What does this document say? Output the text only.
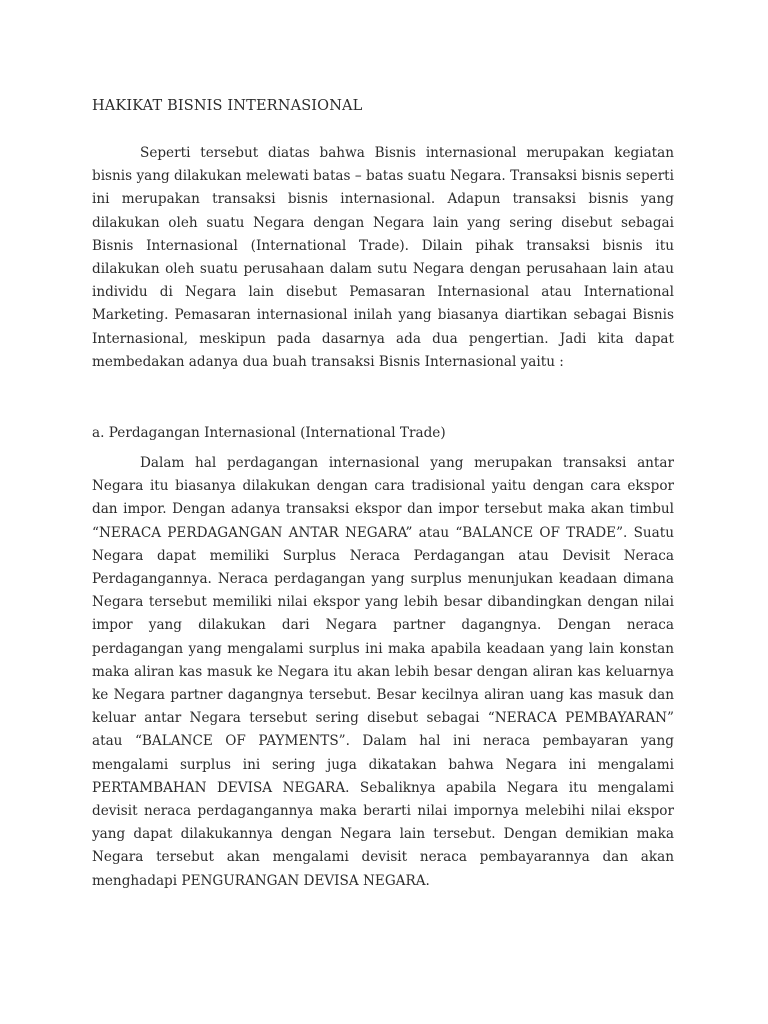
HAKIKAT BISNIS INTERNASIONAL

Seperti tersebut diatas bahwa Bisnis internasional merupakan kegiatan bisnis yang dilakukan melewati batas – batas suatu Negara. Transaksi bisnis seperti ini merupakan transaksi bisnis internasional. Adapun transaksi bisnis yang dilakukan oleh suatu Negara dengan Negara lain yang sering disebut sebagai Bisnis Internasional (International Trade). Dilain pihak transaksi bisnis itu dilakukan oleh suatu perusahaan dalam sutu Negara dengan perusahaan lain atau individu di Negara lain disebut Pemasaran Internasional atau International Marketing. Pemasaran internasional inilah yang biasanya diartikan sebagai Bisnis Internasional, meskipun pada dasarnya ada dua pengertian. Jadi kita dapat membedakan adanya dua buah transaksi Bisnis Internasional yaitu :

a. Perdagangan Internasional (International Trade)

Dalam hal perdagangan internasional yang merupakan transaksi antar Negara itu biasanya dilakukan dengan cara tradisional yaitu dengan cara ekspor dan impor. Dengan adanya transaksi ekspor dan impor tersebut maka akan timbul “NERACA PERDAGANGAN ANTAR NEGARA” atau “BALANCE OF TRADE”. Suatu Negara dapat memiliki Surplus Neraca Perdagangan atau Devisit Neraca Perdagangannya. Neraca perdagangan yang surplus menunjukan keadaan dimana Negara tersebut memiliki nilai ekspor yang lebih besar dibandingkan dengan nilai impor yang dilakukan dari Negara partner dagangnya. Dengan neraca perdagangan yang mengalami surplus ini maka apabila keadaan yang lain konstan maka aliran kas masuk ke Negara itu akan lebih besar dengan aliran kas keluarnya ke Negara partner dagangnya tersebut. Besar kecilnya aliran uang kas masuk dan keluar antar Negara tersebut sering disebut sebagai “NERACA PEMBAYARAN” atau “BALANCE OF PAYMENTS”. Dalam hal ini neraca pembayaran yang mengalami surplus ini sering juga dikatakan bahwa Negara ini mengalami PERTAMBAHAN DEVISA NEGARA. Sebaliknya apabila Negara itu mengalami devisit neraca perdagangannya maka berarti nilai impornya melebihi nilai ekspor yang dapat dilakukannya dengan Negara lain tersebut. Dengan demikian maka Negara tersebut akan mengalami devisit neraca pembayarannya dan akan menghadapi PENGURANGAN DEVISA NEGARA.
